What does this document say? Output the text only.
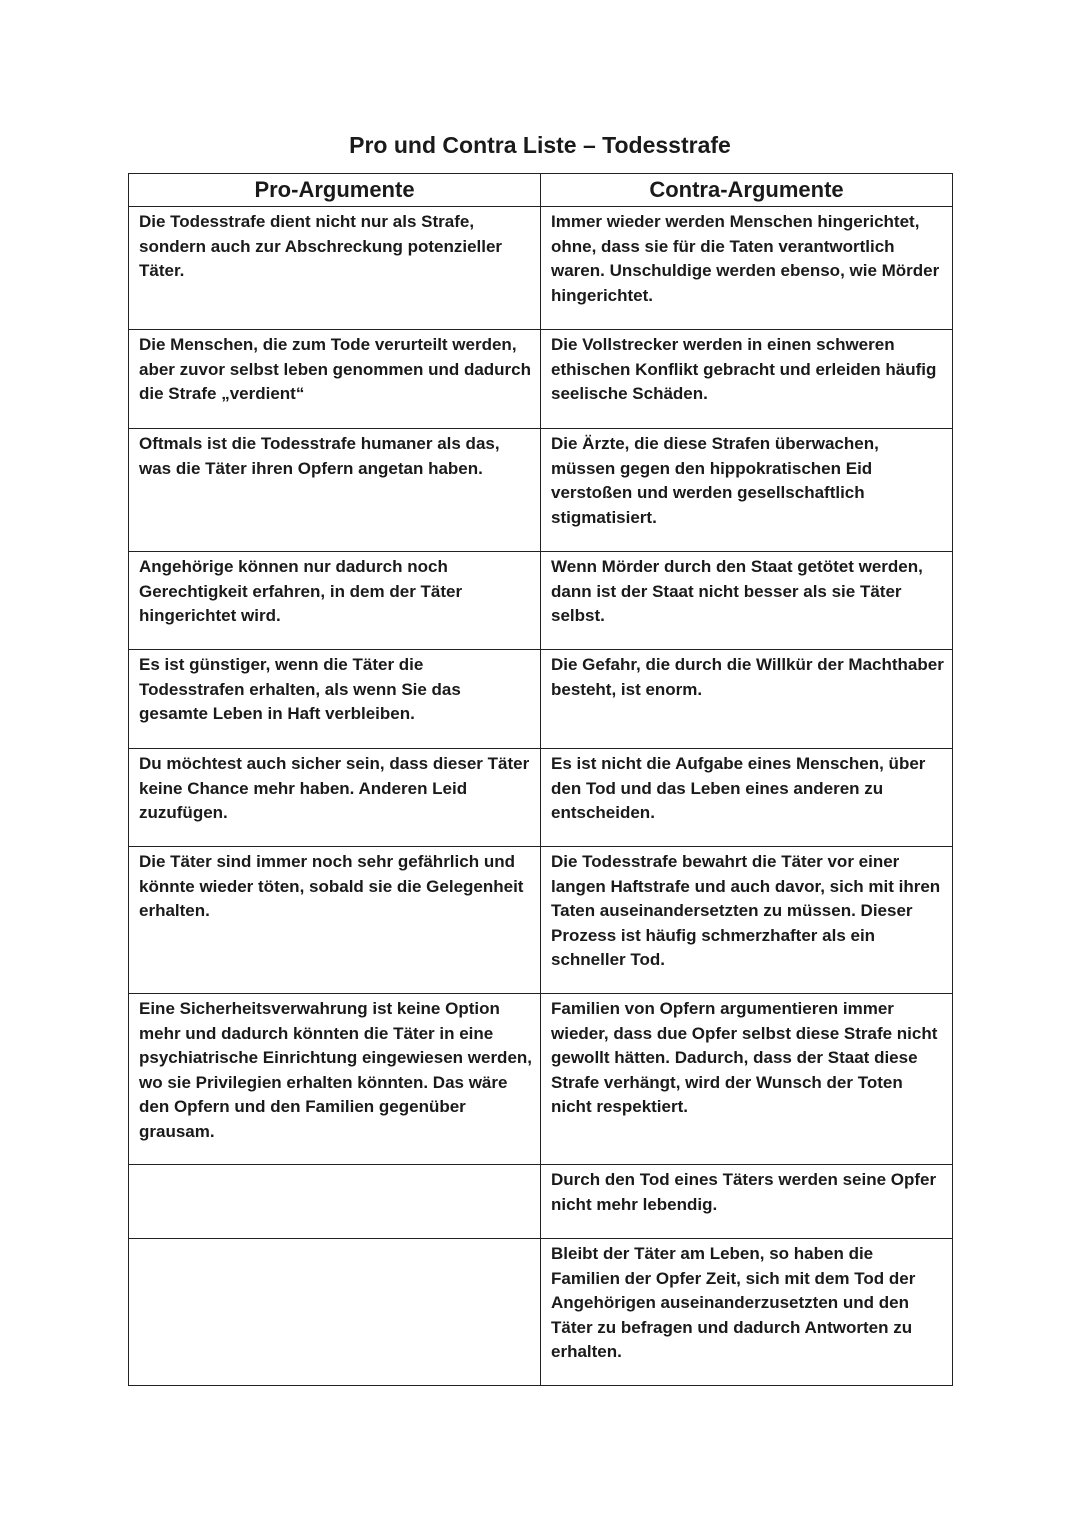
Pro und Contra Liste – Todesstrafe
Pro-Argumente	Contra-Argumente
Die Todesstrafe dient nicht nur als Strafe, sondern auch zur Abschreckung potenzieller Täter.	Immer wieder werden Menschen hingerichtet, ohne, dass sie für die Taten verantwortlich waren. Unschuldige werden ebenso, wie Mörder hingerichtet.
Die Menschen, die zum Tode verurteilt werden, aber zuvor selbst leben genommen und dadurch die Strafe „verdient“	Die Vollstrecker werden in einen schweren ethischen Konflikt gebracht und erleiden häufig seelische Schäden.
Oftmals ist die Todesstrafe humaner als das, was die Täter ihren Opfern angetan haben.	Die Ärzte, die diese Strafen überwachen, müssen gegen den hippokratischen Eid verstoßen und werden gesellschaftlich stigmatisiert.
Angehörige können nur dadurch noch Gerechtigkeit erfahren, in dem der Täter hingerichtet wird.	Wenn Mörder durch den Staat getötet werden, dann ist der Staat nicht besser als sie Täter selbst.
Es ist günstiger, wenn die Täter die Todesstrafen erhalten, als wenn Sie das gesamte Leben in Haft verbleiben.	Die Gefahr, die durch die Willkür der Machthaber besteht, ist enorm.
Du möchtest auch sicher sein, dass dieser Täter keine Chance mehr haben. Anderen Leid zuzufügen.	Es ist nicht die Aufgabe eines Menschen, über den Tod und das Leben eines anderen zu entscheiden.
Die Täter sind immer noch sehr gefährlich und könnte wieder töten, sobald sie die Gelegenheit erhalten.	Die Todesstrafe bewahrt die Täter vor einer langen Haftstrafe und auch davor, sich mit ihren Taten auseinandersetzten zu müssen. Dieser Prozess ist häufig schmerzhafter als ein schneller Tod.
Eine Sicherheitsverwahrung ist keine Option mehr und dadurch könnten die Täter in eine psychiatrische Einrichtung eingewiesen werden, wo sie Privilegien erhalten könnten. Das wäre den Opfern und den Familien gegenüber grausam.	Familien von Opfern argumentieren immer wieder, dass due Opfer selbst diese Strafe nicht gewollt hätten. Dadurch, dass der Staat diese Strafe verhängt, wird der Wunsch der Toten nicht respektiert.
	Durch den Tod eines Täters werden seine Opfer nicht mehr lebendig.
	Bleibt der Täter am Leben, so haben die Familien der Opfer Zeit, sich mit dem Tod der Angehörigen auseinanderzusetzten und den Täter zu befragen und dadurch Antworten zu erhalten.
